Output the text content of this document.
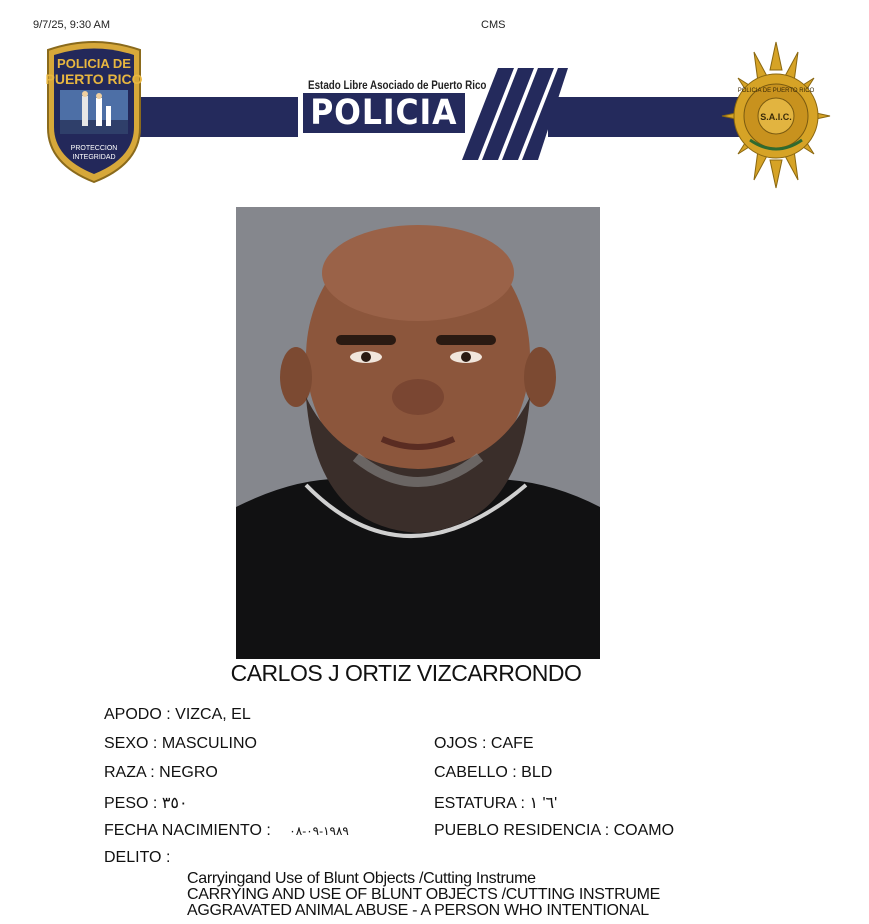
9/7/25, 9:30 AM	CMS
Estado Libre Asociado de Puerto Rico
POLICIA
POLICIA DE
PUERTO RICO
PROTECCION
INTEGRIDAD
S.A.I.C.
POLICIA DE PUERTO RICO
CARLOS J ORTIZ VIZCARRONDO
APODO : VIZCA, EL
SEXO : MASCULINO	OJOS : CAFE
RAZA : NEGRO	CABELLO : BLD
PESO : ٣٥٠	ESTATURA : ٦' ١'
FECHA NACIMIENTO : ١٩٨٩-٠٩-٠٨	PUEBLO RESIDENCIA : COAMO
DELITO :
Carryingand Use of Blunt Objects /Cutting Instrume
CARRYING AND USE OF BLUNT OBJECTS /CUTTING INSTRUME
AGGRAVATED ANIMAL ABUSE - A PERSON WHO INTENTIONAL
